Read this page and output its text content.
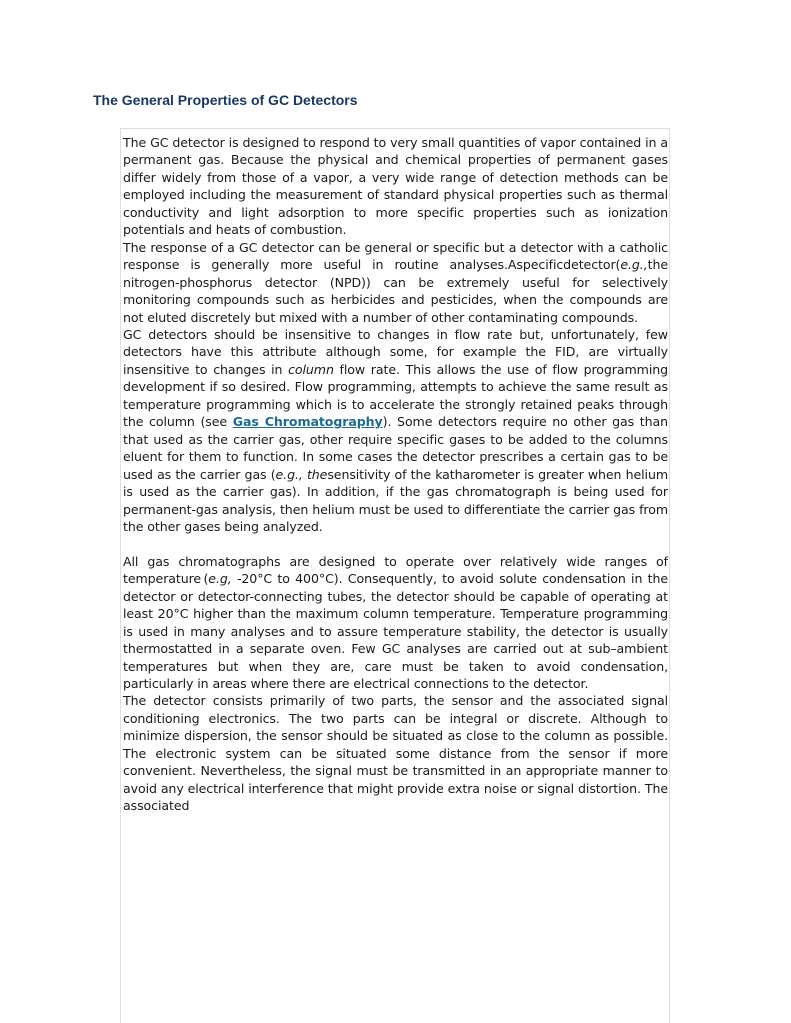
The General Properties of GC Detectors

The GC detector is designed to respond to very small quantities of vapor contained in a permanent gas. Because the physical and chemical properties of permanent gases differ widely from those of a vapor, a very wide range of detection methods can be employed including the measurement of standard physical properties such as thermal conductivity and light adsorption to more specific properties such as ionization potentials and heats of combustion.

The response of a GC detector can be general or specific but a detector with a catholic response is generally more useful in routine analyses.Aspecificdetector(e.g.,the nitrogen-phosphorus detector (NPD)) can be extremely useful for selectively monitoring compounds such as herbicides and pesticides, when the compounds are not eluted discretely but mixed with a number of other contaminating compounds.

GC detectors should be insensitive to changes in flow rate but, unfortunately, few detectors have this attribute although some, for example the FID, are virtually insensitive to changes in column flow rate. This allows the use of flow programming development if so desired. Flow programming, attempts to achieve the same result as temperature programming which is to accelerate the strongly retained peaks through the column (see Gas Chromatography). Some detectors require no other gas than that used as the carrier gas, other require specific gases to be added to the columns eluent for them to function. In some cases the detector prescribes a certain gas to be used as the carrier gas (e.g., thesensitivity of the katharometer is greater when helium is used as the carrier gas). In addition, if the gas chromatograph is being used for permanent-gas analysis, then helium must be used to differentiate the carrier gas from the other gases being analyzed.

All gas chromatographs are designed to operate over relatively wide ranges of temperature (e.g, -20°C to 400°C). Consequently, to avoid solute condensation in the detector or detector-connecting tubes, the detector should be capable of operating at least 20°C higher than the maximum column temperature. Temperature programming is used in many analyses and to assure temperature stability, the detector is usually thermostatted in a separate oven. Few GC analyses are carried out at sub–ambient temperatures but when they are, care must be taken to avoid condensation, particularly in areas where there are electrical connections to the detector.

The detector consists primarily of two parts, the sensor and the associated signal conditioning electronics. The two parts can be integral or discrete. Although to minimize dispersion, the sensor should be situated as close to the column as possible. The electronic system can be situated some distance from the sensor if more convenient. Nevertheless, the signal must be transmitted in an appropriate manner to avoid any electrical interference that might provide extra noise or signal distortion. The associated
